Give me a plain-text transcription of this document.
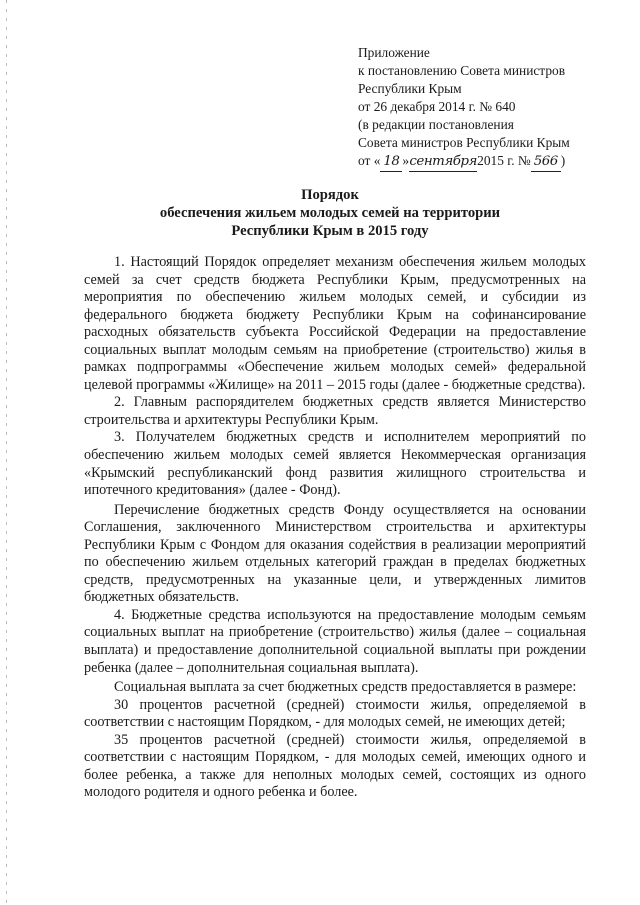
Приложение
к постановлению Совета министров
Республики Крым
от 26 декабря 2014 г. № 640
(в редакции постановления
Совета министров Республики Крым
от « 18 »сентября2015 г. № 566 )
Порядок
обеспечения жильем молодых семей на территории
Республики Крым в 2015 году

1. Настоящий Порядок определяет механизм обеспечения жильем молодых семей за счет средств бюджета Республики Крым, предусмотренных на мероприятия по обеспечению жильем молодых семей, и субсидии из федерального бюджета бюджету Республики Крым на софинансирование расходных обязательств субъекта Российской Федерации на предоставление социальных выплат молодым семьям на приобретение (строительство) жилья в рамках подпрограммы «Обеспечение жильем молодых семей» федеральной целевой программы «Жилище» на 2011 – 2015 годы (далее - бюджетные средства).

2. Главным распорядителем бюджетных средств является Министерство строительства и архитектуры Республики Крым.

3. Получателем бюджетных средств и исполнителем мероприятий по обеспечению жильем молодых семей является Некоммерческая организация «Крымский республиканский фонд развития жилищного строительства и ипотечного кредитования» (далее - Фонд).

Перечисление бюджетных средств Фонду осуществляется на основании Соглашения, заключенного Министерством строительства и архитектуры Республики Крым с Фондом для оказания содействия в реализации мероприятий по обеспечению жильем отдельных категорий граждан в пределах бюджетных средств, предусмотренных на указанные цели, и утвержденных лимитов бюджетных обязательств.

4. Бюджетные средства используются на предоставление молодым семьям социальных выплат на приобретение (строительство) жилья (далее – социальная выплата) и предоставление дополнительной социальной выплаты при рождении ребенка (далее – дополнительная социальная выплата).

Социальная выплата за счет бюджетных средств предоставляется в размере:

30 процентов расчетной (средней) стоимости жилья, определяемой в соответствии с настоящим Порядком, - для молодых семей, не имеющих детей;

35 процентов расчетной (средней) стоимости жилья, определяемой в соответствии с настоящим Порядком, - для молодых семей, имеющих одного и более ребенка, а также для неполных молодых семей, состоящих из одного молодого родителя и одного ребенка и более.
